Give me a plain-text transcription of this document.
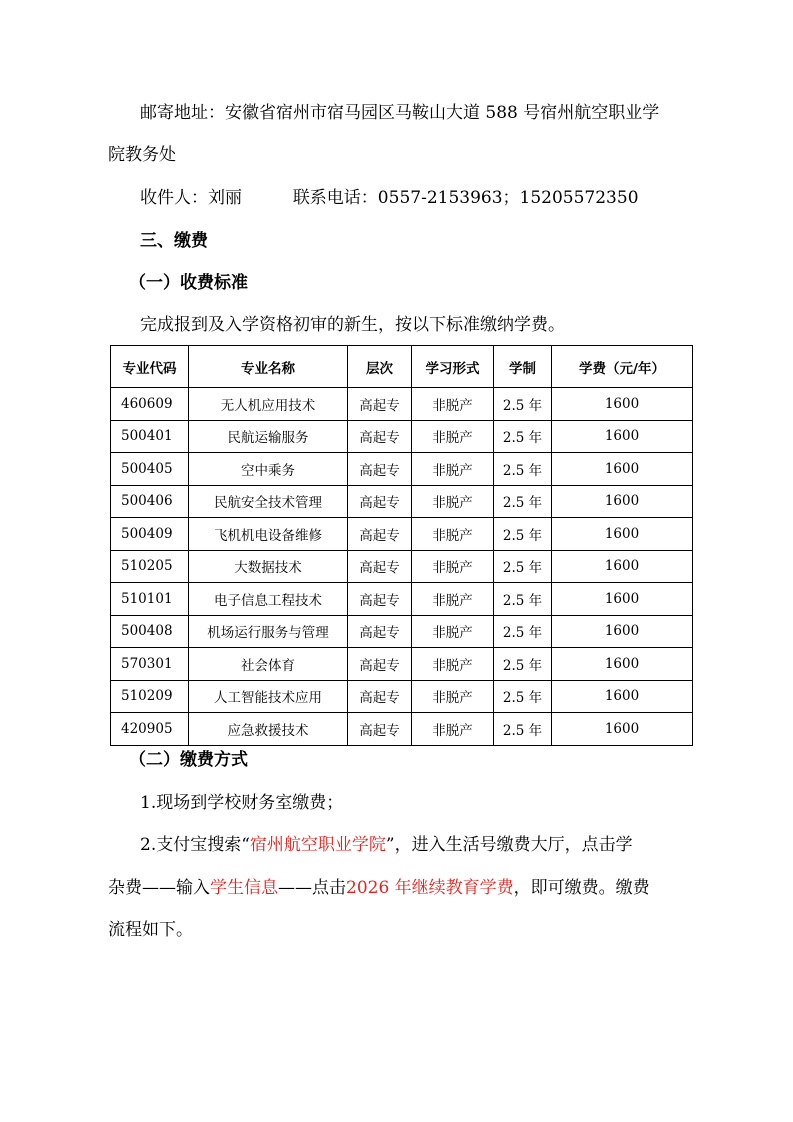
邮寄地址：安徽省宿州市宿马园区马鞍山大道 588 号宿州航空职业学
院教务处
收件人：刘丽	联系电话：0557-2153963；15205572350
三、缴费
（一）收费标准
完成报到及入学资格初审的新生，按以下标准缴纳学费。
专业代码	专业名称	层次	学习形式	学制	学费（元/年）
460609	无人机应用技术	高起专	非脱产	2.5 年	1600
500401	民航运输服务	高起专	非脱产	2.5 年	1600
500405	空中乘务	高起专	非脱产	2.5 年	1600
500406	民航安全技术管理	高起专	非脱产	2.5 年	1600
500409	飞机机电设备维修	高起专	非脱产	2.5 年	1600
510205	大数据技术	高起专	非脱产	2.5 年	1600
510101	电子信息工程技术	高起专	非脱产	2.5 年	1600
500408	机场运行服务与管理	高起专	非脱产	2.5 年	1600
570301	社会体育	高起专	非脱产	2.5 年	1600
510209	人工智能技术应用	高起专	非脱产	2.5 年	1600
420905	应急救援技术	高起专	非脱产	2.5 年	1600
（二）缴费方式
1.现场到学校财务室缴费；
2.支付宝搜索“宿州航空职业学院”，进入生活号缴费大厅，点击学
杂费——输入学生信息——点击2026 年继续教育学费，即可缴费。缴费
流程如下。
